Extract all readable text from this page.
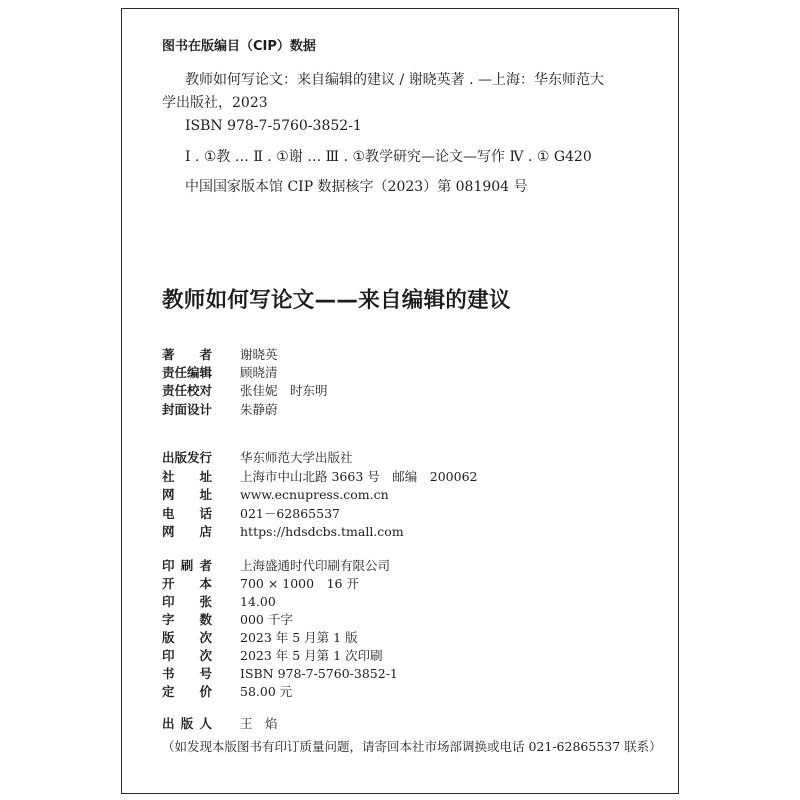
图书在版编目（CIP）数据
教师如何写论文：来自编辑的建议 / 谢晓英著 . —上海：华东师范大
学出版社，2023
ISBN 978-7-5760-3852-1
Ⅰ . ①教 … Ⅱ . ①谢 … Ⅲ . ①教学研究—论文—写作 Ⅳ . ① G420
中国国家版本馆 CIP 数据核字（2023）第 081904 号
教师如何写论文——来自编辑的建议
著　　者 谢晓英
责任编辑 顾晓清
责任校对 张佳妮　时东明
封面设计 朱静蔚
出版发行 华东师范大学出版社
社　　址 上海市中山北路 3663 号　邮编　200062
网　　址 www.ecnupress.com.cn
电　　话 021－62865537
网　　店 https://hdsdcbs.tmall.com
印 刷 者 上海盛通时代印刷有限公司
开　　本 700 × 1000　16 开
印　　张 14.00
字　　数 000 千字
版　　次 2023 年 5 月第 1 版
印　　次 2023 年 5 月第 1 次印刷
书　　号 ISBN 978-7-5760-3852-1
定　　价 58.00 元
出 版 人 王　焰
（如发现本版图书有印订质量问题，请寄回本社市场部调换或电话 021-62865537 联系）
